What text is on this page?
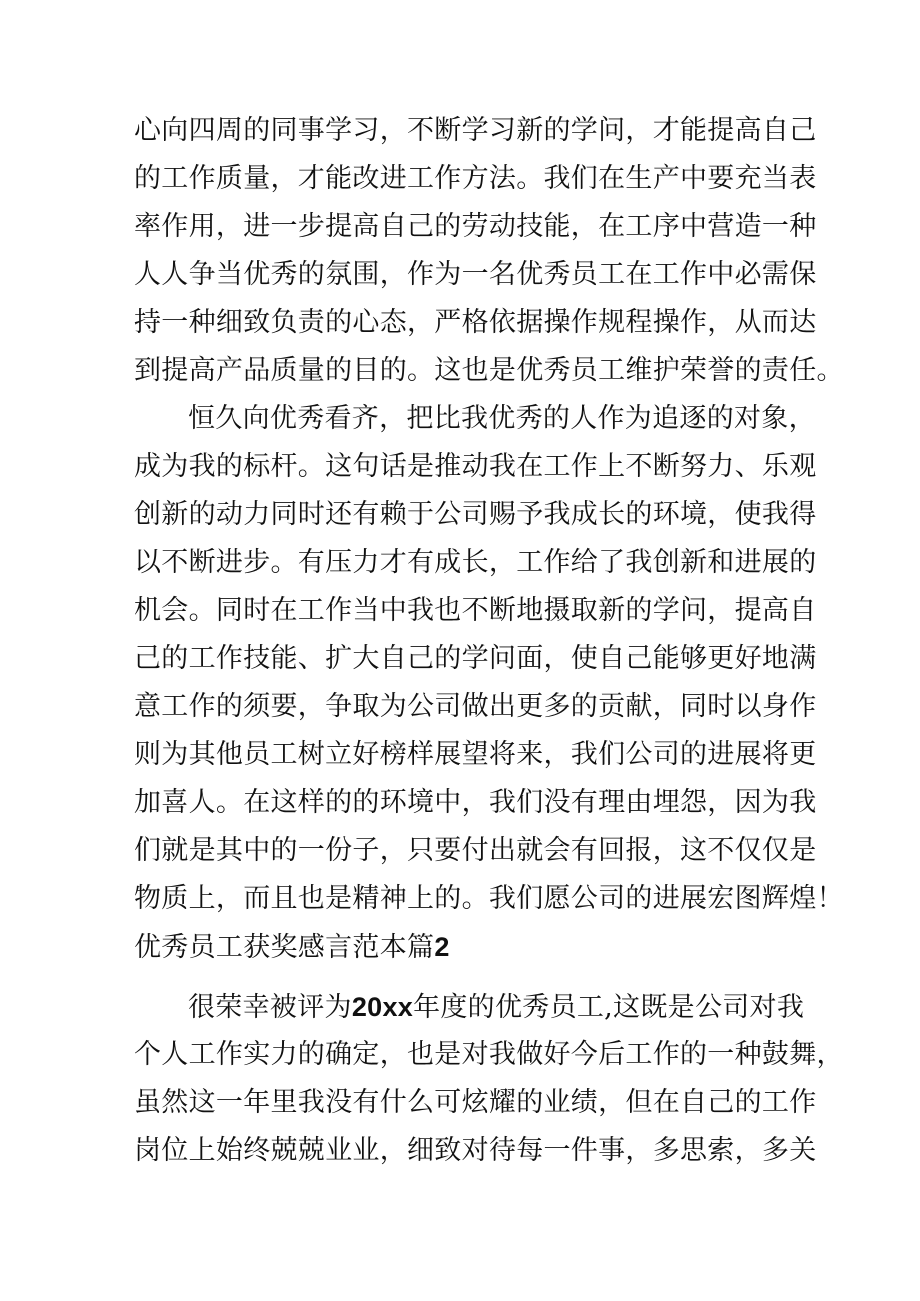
心向四周的同事学习，不断学习新的学问，才能提高自己
的工作质量，才能改进工作方法。我们在生产中要充当表
率作用，进一步提高自己的劳动技能，在工序中营造一种
人人争当优秀的氛围，作为一名优秀员工在工作中必需保
持一种细致负责的心态，严格依据操作规程操作，从而达
到提高产品质量的目的。这也是优秀员工维护荣誉的责任。
恒久向优秀看齐，把比我优秀的人作为追逐的对象，
成为我的标杆。这句话是推动我在工作上不断努力、乐观
创新的动力同时还有赖于公司赐予我成长的环境，使我得
以不断进步。有压力才有成长，工作给了我创新和进展的
机会。同时在工作当中我也不断地摄取新的学问，提高自
己的工作技能、扩大自己的学问面，使自己能够更好地满
意工作的须要，争取为公司做出更多的贡献，同时以身作
则为其他员工树立好榜样展望将来，我们公司的进展将更
加喜人。在这样的的环境中，我们没有理由埋怨，因为我
们就是其中的一份子，只要付出就会有回报，这不仅仅是
物质上，而且也是精神上的。我们愿公司的进展宏图辉煌！
优秀员工获奖感言范本篇2
很荣幸被评为20xx年度的优秀员工,这既是公司对我
个人工作实力的确定，也是对我做好今后工作的一种鼓舞，
虽然这一年里我没有什么可炫耀的业绩，但在自己的工作
岗位上始终兢兢业业，细致对待每一件事，多思索，多关
